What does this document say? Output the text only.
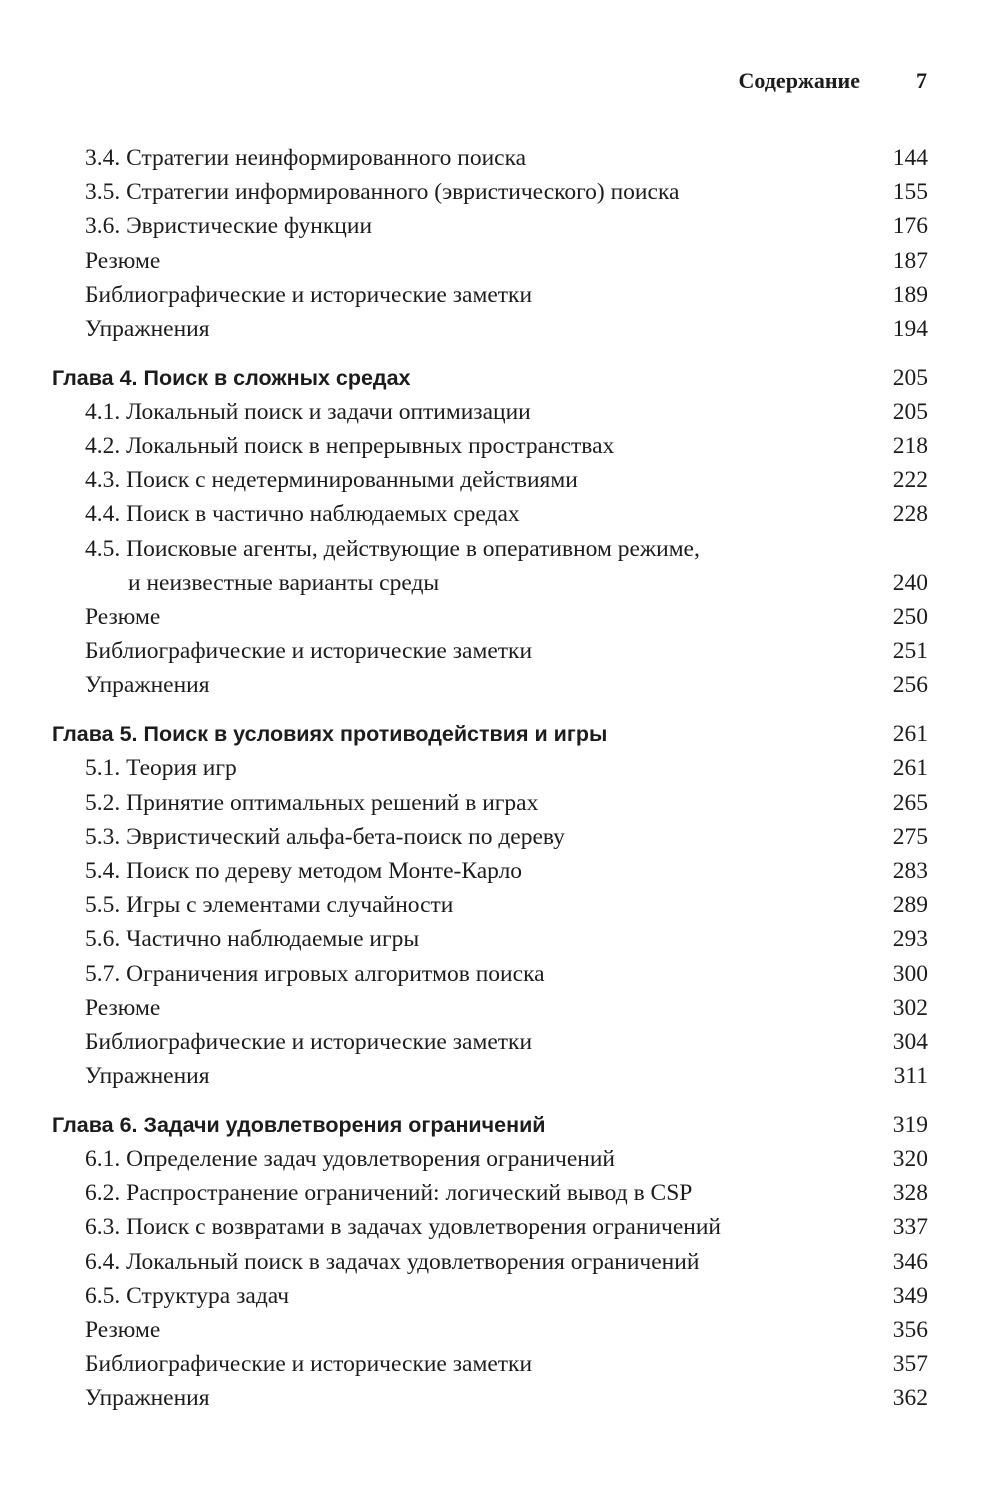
Содержание	7
3.4. Стратегии неинформированного поиска	144
3.5. Стратегии информированного (эвристического) поиска	155
3.6. Эвристические функции	176
Резюме	187
Библиографические и исторические заметки	189
Упражнения	194
Глава 4. Поиск в сложных средах	205
4.1. Локальный поиск и задачи оптимизации	205
4.2. Локальный поиск в непрерывных пространствах	218
4.3. Поиск с недетерминированными действиями	222
4.4. Поиск в частично наблюдаемых средах	228
4.5. Поисковые агенты, действующие в оперативном режиме,
и неизвестные варианты среды	240
Резюме	250
Библиографические и исторические заметки	251
Упражнения	256
Глава 5. Поиск в условиях противодействия и игры	261
5.1. Теория игр	261
5.2. Принятие оптимальных решений в играх	265
5.3. Эвристический альфа-бета-поиск по дереву	275
5.4. Поиск по дереву методом Монте-Карло	283
5.5. Игры с элементами случайности	289
5.6. Частично наблюдаемые игры	293
5.7. Ограничения игровых алгоритмов поиска	300
Резюме	302
Библиографические и исторические заметки	304
Упражнения	311
Глава 6. Задачи удовлетворения ограничений	319
6.1. Определение задач удовлетворения ограничений	320
6.2. Распространение ограничений: логический вывод в CSP	328
6.3. Поиск с возвратами в задачах удовлетворения ограничений	337
6.4. Локальный поиск в задачах удовлетворения ограничений	346
6.5. Структура задач	349
Резюме	356
Библиографические и исторические заметки	357
Упражнения	362
